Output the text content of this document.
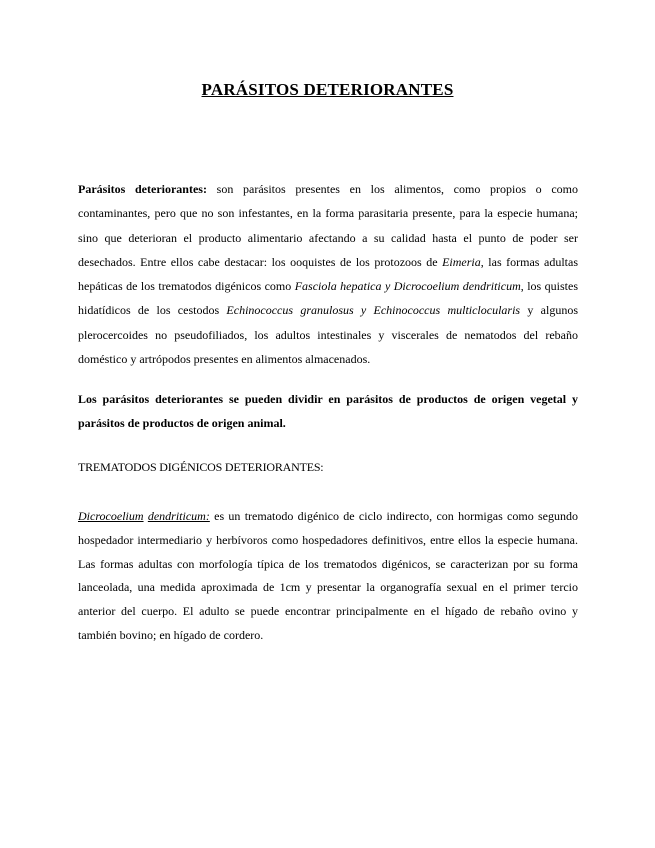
PARÁSITOS DETERIORANTES

Parásitos deteriorantes: son parásitos presentes en los alimentos, como propios o como contaminantes, pero que no son infestantes, en la forma parasitaria presente, para la especie humana; sino que deterioran el producto alimentario afectando a su calidad hasta el punto de poder ser desechados. Entre ellos cabe destacar: los ooquistes de los protozoos de Eimeria, las formas adultas hepáticas de los trematodos digénicos como Fasciola hepatica y Dicrocoelium dendriticum, los quistes hidatídicos de los cestodos Echinococcus granulosus y Echinococcus multiclocularis y algunos plerocercoides no pseudofiliados, los adultos intestinales y viscerales de nematodos del rebaño doméstico y artrópodos presentes en alimentos almacenados.

Los parásitos deteriorantes se pueden dividir en parásitos de productos de origen vegetal y parásitos de productos de origen animal.

TREMATODOS DIGÉNICOS DETERIORANTES:

Dicrocoelium dendriticum: es un trematodo digénico de ciclo indirecto, con hormigas como segundo hospedador intermediario y herbívoros como hospedadores definitivos, entre ellos la especie humana. Las formas adultas con morfología típica de los trematodos digénicos, se caracterizan por su forma lanceolada, una medida aproximada de 1cm y presentar la organografía sexual en el primer tercio anterior del cuerpo. El adulto se puede encontrar principalmente en el hígado de rebaño ovino y también bovino; en hígado de cordero.
